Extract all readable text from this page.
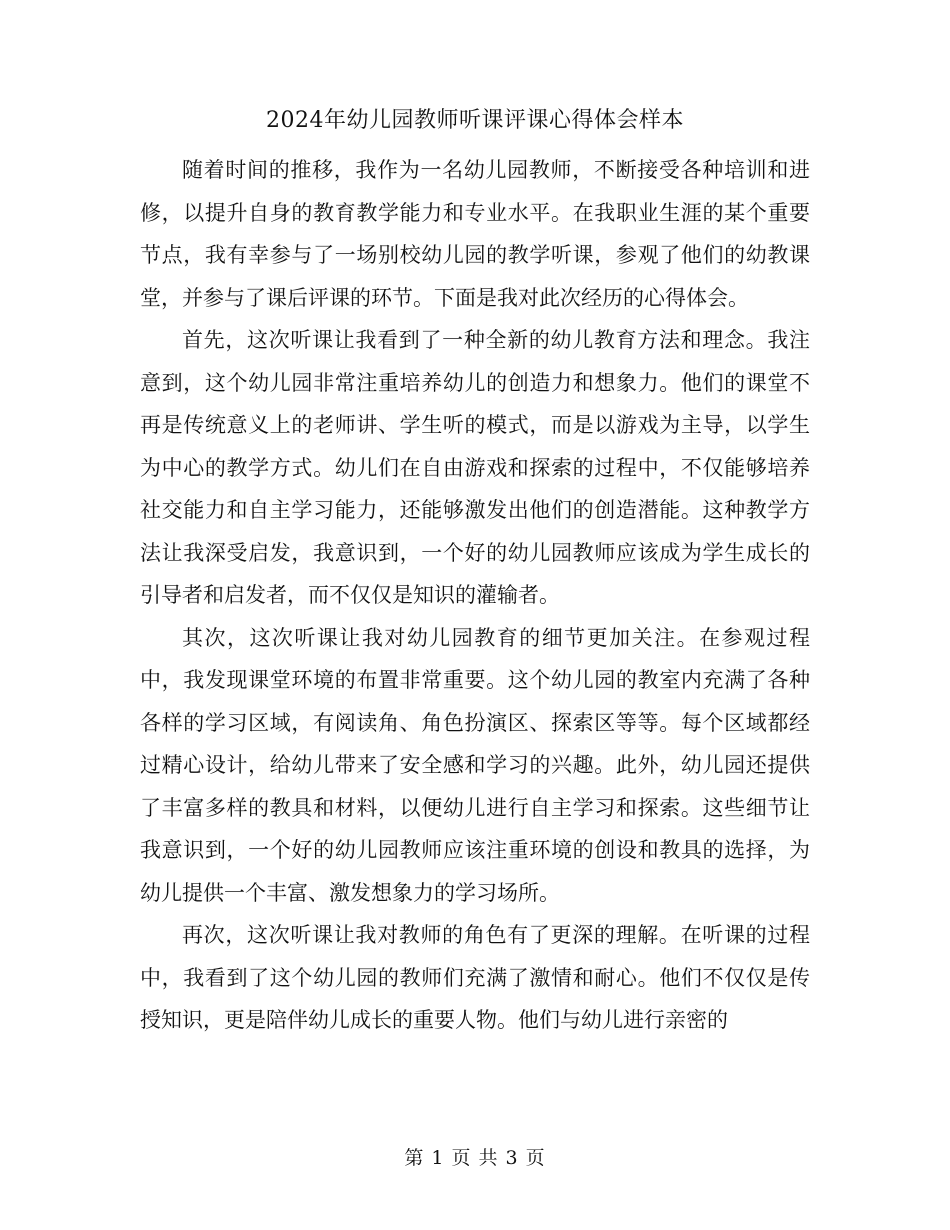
2024年幼儿园教师听课评课心得体会样本

随着时间的推移，我作为一名幼儿园教师，不断接受各种培训和进修，以提升自身的教育教学能力和专业水平。在我职业生涯的某个重要节点，我有幸参与了一场别校幼儿园的教学听课，参观了他们的幼教课堂，并参与了课后评课的环节。下面是我对此次经历的心得体会。

首先，这次听课让我看到了一种全新的幼儿教育方法和理念。我注意到，这个幼儿园非常注重培养幼儿的创造力和想象力。他们的课堂不再是传统意义上的老师讲、学生听的模式，而是以游戏为主导，以学生为中心的教学方式。幼儿们在自由游戏和探索的过程中，不仅能够培养社交能力和自主学习能力，还能够激发出他们的创造潜能。这种教学方法让我深受启发，我意识到，一个好的幼儿园教师应该成为学生成长的引导者和启发者，而不仅仅是知识的灌输者。

其次，这次听课让我对幼儿园教育的细节更加关注。在参观过程中，我发现课堂环境的布置非常重要。这个幼儿园的教室内充满了各种各样的学习区域，有阅读角、角色扮演区、探索区等等。每个区域都经过精心设计，给幼儿带来了安全感和学习的兴趣。此外，幼儿园还提供了丰富多样的教具和材料，以便幼儿进行自主学习和探索。这些细节让我意识到，一个好的幼儿园教师应该注重环境的创设和教具的选择，为幼儿提供一个丰富、激发想象力的学习场所。

再次，这次听课让我对教师的角色有了更深的理解。在听课的过程中，我看到了这个幼儿园的教师们充满了激情和耐心。他们不仅仅是传授知识，更是陪伴幼儿成长的重要人物。他们与幼儿进行亲密的

第 1 页 共 3 页
